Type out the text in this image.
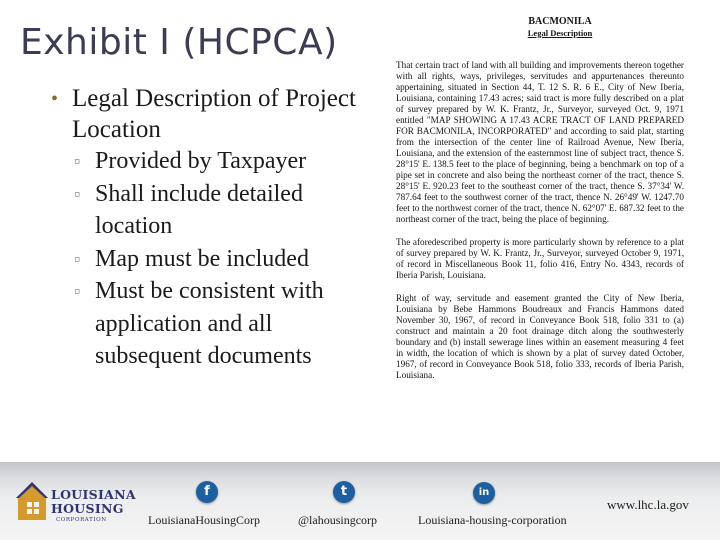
Exhibit I (HCPCA)
• Legal Description of Project Location
▫ Provided by Taxpayer
▫ Shall include detailed location
▫ Map must be included
▫ Must be consistent with application and all subsequent documents
BACMONILA
Legal Description

That certain tract of land with all building and improvements thereon together with all rights, ways, privileges, servitudes and appurtenances thereunto appertaining, situated in Section 44, T. 12 S. R. 6 E., City of New Iberia, Louisiana, containing 17.43 acres; said tract is more fully described on a plat of survey prepared by W. K. Frantz, Jr., Surveyor, surveyed Oct. 9, 1971 entitled "MAP SHOWING A 17.43 ACRE TRACT OF LAND PREPARED FOR BACMONILA, INCORPORATED" and according to said plat, starting from the intersection of the center line of Railroad Avenue, New Iberia, Louisiana, and the extension of the easternmost line of subject tract, thence S. 28°15' E. 138.5 feet to the place of beginning, being a benchmark on top of a pipe set in concrete and also being the northeast corner of the tract, thence S. 28°15' E. 920.23 feet to the southeast corner of the tract, thence S. 37°34' W. 787.64 feet to the southwest corner of the tract, thence N. 26°49' W. 1247.70 feet to the northwest corner of the tract, thence N. 62°07' E. 687.32 feet to the northeast corner of the tract, being the place of beginning.

The aforedescribed property is more particularly shown by reference to a plat of survey prepared by W. K. Frantz, Jr., Surveyor, surveyed October 9, 1971, of record in Miscellaneous Book 11, folio 416, Entry No. 4343, records of Iberia Parish, Louisiana.

Right of way, servitude and easement granted the City of New Iberia, Louisiana by Bebe Hammons Boudreaux and Francis Hammons dated November 30, 1967, of record in Conveyance Book 518, folio 331 to (a) construct and maintain a 20 foot drainage ditch along the southwesterly boundary and (b) install sewerage lines within an easement measuring 4 feet in width, the location of which is shown by a plat of survey dated October, 1967, of record in Conveyance Book 518, folio 333, records of Iberia Parish, Louisiana.

LOUISIANA
HOUSING
CORPORATION
f
LouisianaHousingCorp
t
@lahousingcorp
in
Louisiana-housing-corporation
www.lhc.la.gov
